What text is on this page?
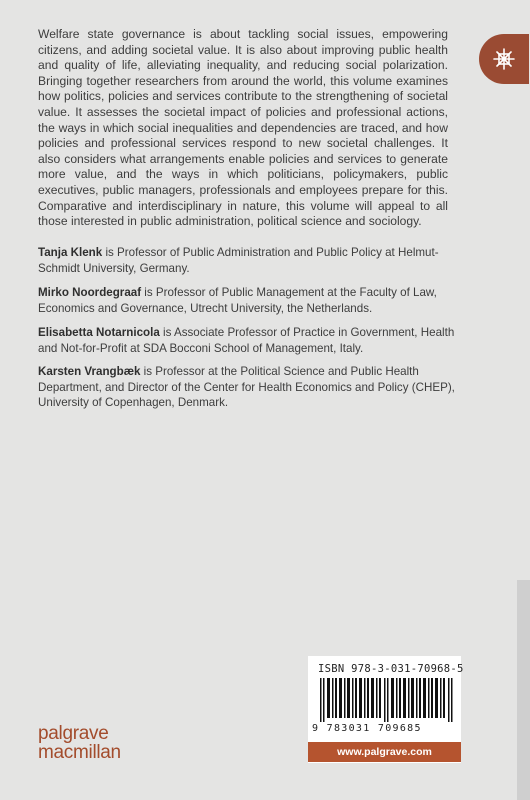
Welfare state governance is about tackling social issues, empowering citizens, and adding societal value. It is also about improving public health and quality of life, alleviating inequality, and reducing social polarization. Bringing together researchers from around the world, this volume examines how politics, policies and services contribute to the strengthening of societal value. It assesses the societal impact of policies and professional actions, the ways in which social inequalities and dependencies are traced, and how policies and professional services respond to new societal challenges. It also considers what arrangements enable policies and services to generate more value, and the ways in which politicians, policymakers, public executives, public managers, professionals and employees prepare for this. Comparative and interdisciplinary in nature, this volume will appeal to all those interested in public administration, political science and sociology.

Tanja Klenk is Professor of Public Administration and Public Policy at Helmut-Schmidt University, Germany.

Mirko Noordegraaf is Professor of Public Management at the Faculty of Law, Economics and Governance, Utrecht University, the Netherlands.

Elisabetta Notarnicola is Associate Professor of Practice in Government, Health and Not-for-Profit at SDA Bocconi School of Management, Italy.

Karsten Vrangbæk is Professor at the Political Science and Public Health Department, and Director of the Center for Health Economics and Policy (CHEP), University of Copenhagen, Denmark.

palgrave
macmillan
ISBN 978-3-031-70968-5
9 783031 709685
www.palgrave.com
